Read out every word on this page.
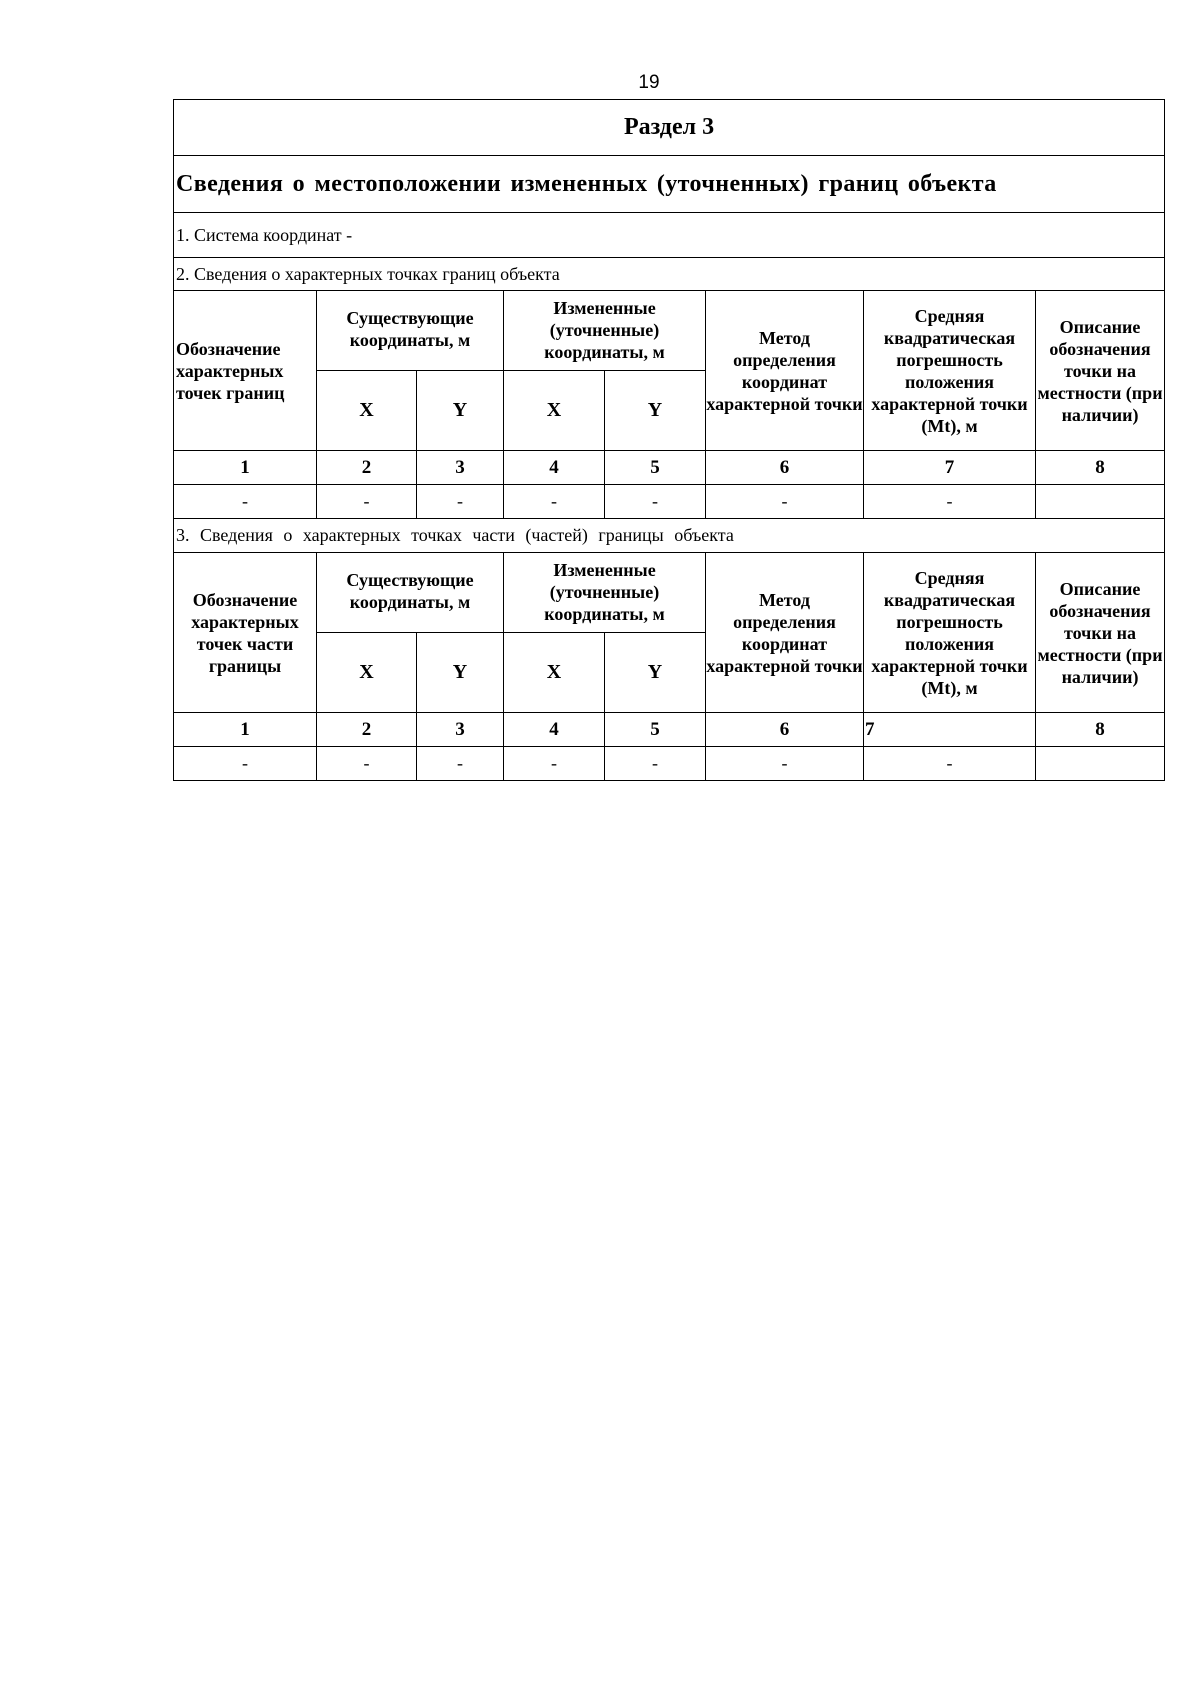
19
Раздел 3							
Сведения о местоположении измененных (уточненных) границ объекта							
1. Система координат -							
2. Сведения о характерных точках границ объекта							
Обозначение характерных точек границ	Существующие координаты, м		Измененные (уточненные) координаты, м		Метод определения координат характерной точки	Средняя квадратическая погрешность положения характерной точки (Mt), м	Описание обозначения точки на местности (при наличии)
	X	Y	X	Y			
1	2	3	4	5	6	7	8
-	-	-	-	-	-	-	
3. Сведения о характерных точках части (частей) границы объекта							
Обозначение характерных точек части границы	Существующие координаты, м		Измененные (уточненные) координаты, м		Метод определения координат характерной точки	Средняя квадратическая погрешность положения характерной точки (Mt), м	Описание обозначения точки на местности (при наличии)
	X	Y	X	Y			
1	2	3	4	5	6	7	8
-	-	-	-	-	-	-	
